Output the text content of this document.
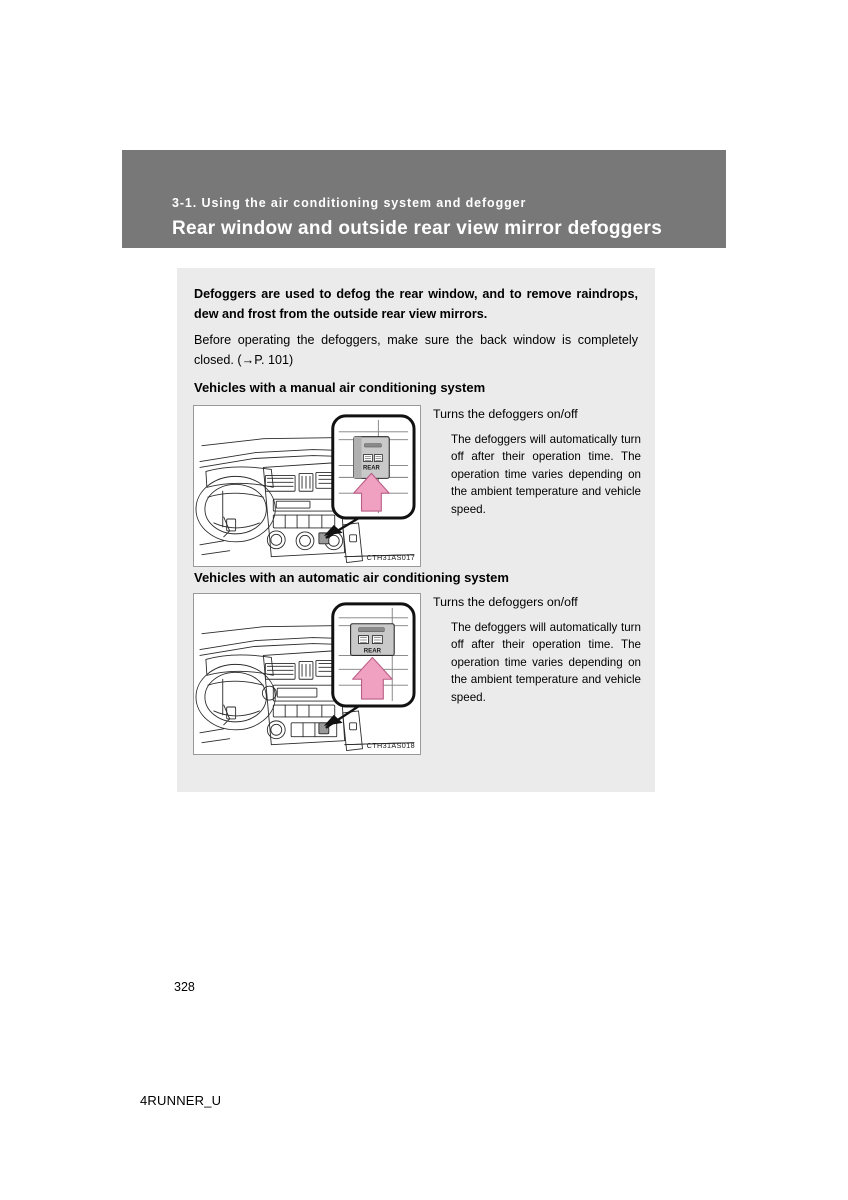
3-1. Using the air conditioning system and defogger
Rear window and outside rear view mirror defoggers
Defoggers are used to defog the rear window, and to remove raindrops, dew and frost from the outside rear view mirrors.
Before operating the defoggers, make sure the back window is completely closed. (→P. 101)
Vehicles with a manual air conditioning system
REAR
CTH31AS017

Turns the defoggers on/off

The defoggers will automatically turn off after their operation time. The operation time varies depending on the ambient temperature and vehicle speed.

Vehicles with an automatic air conditioning system
REAR
CTH31AS018

Turns the defoggers on/off

The defoggers will automatically turn off after their operation time. The operation time varies depending on the ambient temperature and vehicle speed.

328
4RUNNER_U
